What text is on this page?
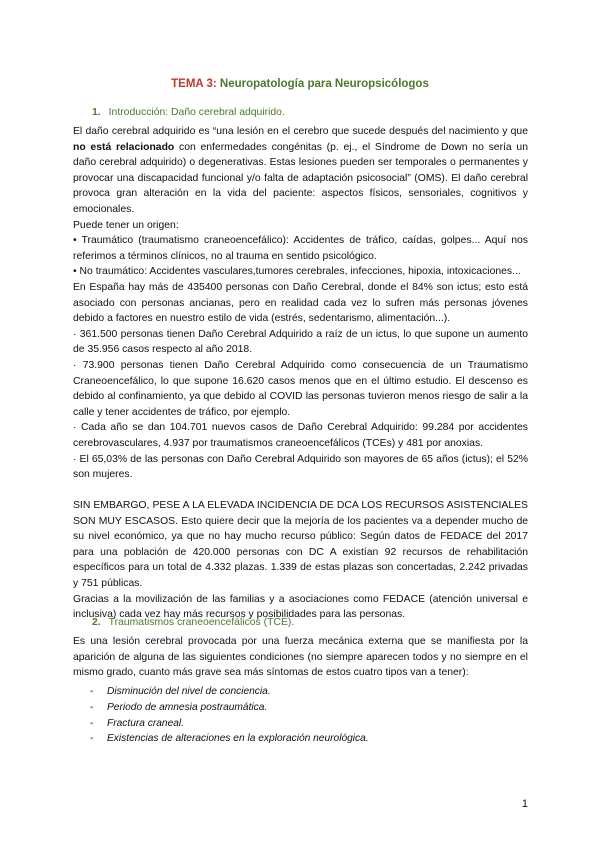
TEMA 3: Neuropatología para Neuropsicólogos
1. Introducción: Daño cerebral adquirido.

El daño cerebral adquirido es “una lesión en el cerebro que sucede después del nacimiento y que no está relacionado con enfermedades congénitas (p. ej., el Síndrome de Down no sería un daño cerebral adquirido) o degenerativas. Estas lesiones pueden ser temporales o permanentes y provocar una discapacidad funcional y/o falta de adaptación psicosocial” (OMS). El daño cerebral provoca gran alteración en la vida del paciente: aspectos físicos, sensoriales, cognitivos y emocionales.

Puede tener un origen:

• Traumático (traumatismo craneoencefálico): Accidentes de tráfico, caídas, golpes... Aquí nos referimos a términos clínicos, no al trauma en sentido psicológico.

• No traumático: Accidentes vasculares,tumores cerebrales, infecciones, hipoxia, intoxicaciones...

En España hay más de 435400 personas con Daño Cerebral, donde el 84% son ictus; esto está asociado con personas ancianas, pero en realidad cada vez lo sufren más personas jóvenes debido a factores en nuestro estilo de vida (estrés, sedentarismo, alimentación...).

· 361.500 personas tienen Daño Cerebral Adquirido a raíz de un ictus, lo que supone un aumento de 35.956 casos respecto al año 2018.

· 73.900 personas tienen Daño Cerebral Adquirido como consecuencia de un Traumatismo Craneoencefálico, lo que supone 16.620 casos menos que en el último estudio. El descenso es debido al confinamiento, ya que debido al COVID las personas tuvieron menos riesgo de salir a la calle y tener accidentes de tráfico, por ejemplo.

· Cada año se dan 104.701 nuevos casos de Daño Cerebral Adquirido: 99.284 por accidentes cerebrovasculares, 4.937 por traumatismos craneoencefálicos (TCEs) y 481 por anoxias.

· El 65,03% de las personas con Daño Cerebral Adquirido son mayores de 65 años (ictus); el 52% son mujeres.

SIN EMBARGO, PESE A LA ELEVADA INCIDENCIA DE DCA LOS RECURSOS ASISTENCIALES SON MUY ESCASOS. Esto quiere decir que la mejoría de los pacientes va a depender mucho de su nivel económico, ya que no hay mucho recurso público: Según datos de FEDACE del 2017 para una población de 420.000 personas con DC A existían 92 recursos de rehabilitación específicos para un total de 4.332 plazas. 1.339 de estas plazas son concertadas, 2.242 privadas y 751 públicas.

Gracias a la movilización de las familias y a asociaciones como FEDACE (atención universal e inclusiva) cada vez hay más recursos y posibilidades para las personas.

2. Traumatismos craneoencefálicos (TCE).

Es una lesión cerebral provocada por una fuerza mecánica externa que se manifiesta por la aparición de alguna de las siguientes condiciones (no siempre aparecen todos y no siempre en el mismo grado, cuanto más grave sea más síntomas de estos cuatro tipos van a tener):

- Disminución del nivel de conciencia.
- Periodo de amnesia postraumática.
- Fractura craneal.
- Existencias de alteraciones en la exploración neurológica.
1
